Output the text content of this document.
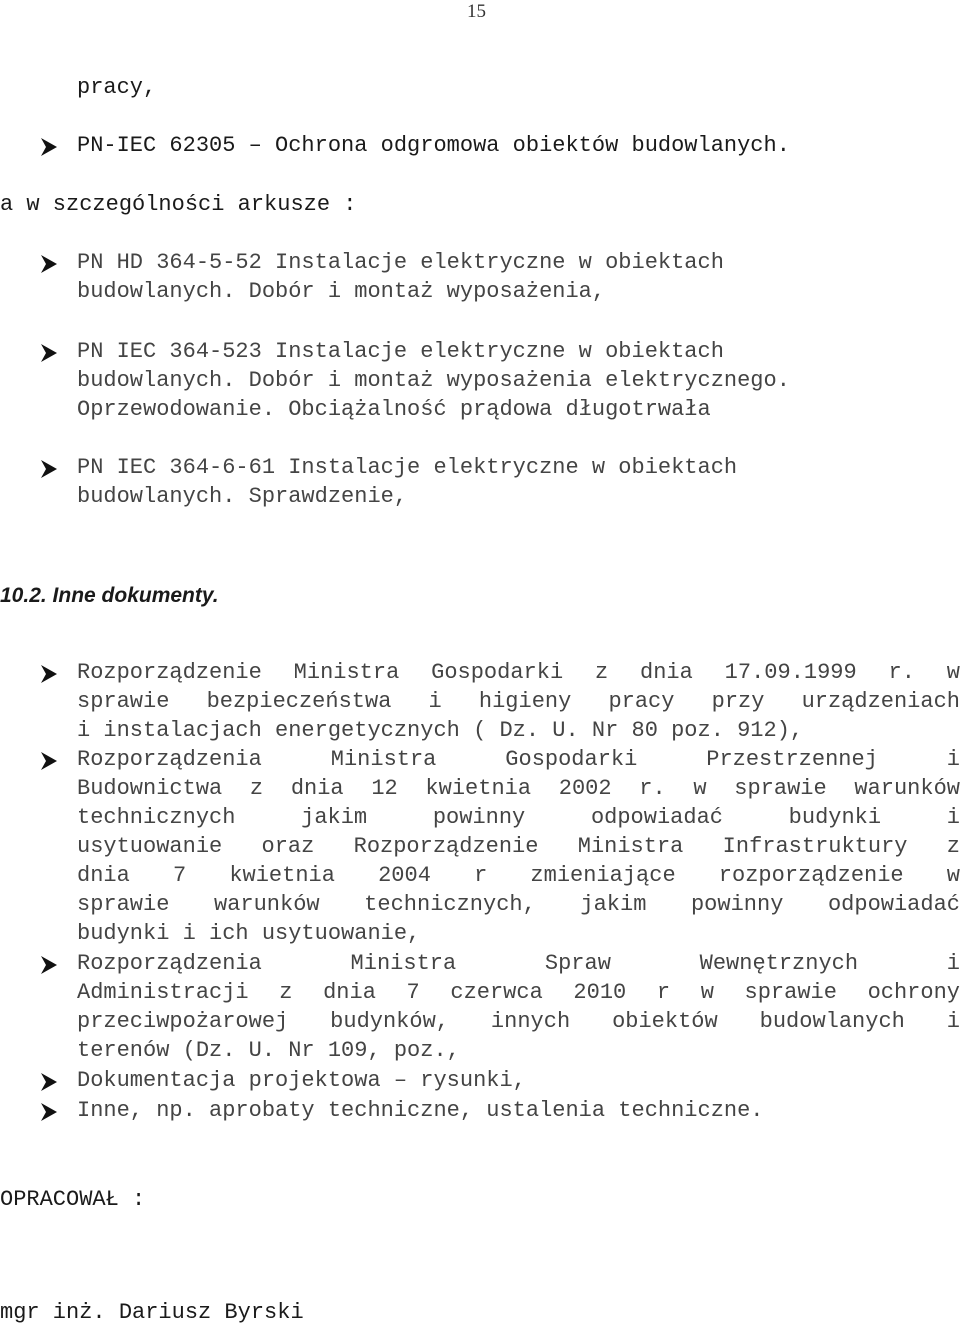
15
pracy,
PN-IEC 62305 – Ochrona odgromowa obiektów budowlanych.
a w szczególności arkusze :
PN HD 364-5-52 Instalacje elektryczne w obiektach
budowlanych. Dobór i montaż wyposażenia,
PN IEC 364-523 Instalacje elektryczne w obiektach
budowlanych. Dobór i montaż wyposażenia elektrycznego.
Oprzewodowanie. Obciążalność prądowa długotrwała
PN IEC 364-6-61 Instalacje elektryczne w obiektach
budowlanych. Sprawdzenie,
10.2. Inne dokumenty.
Rozporządzenie Ministra Gospodarki z dnia 17.09.1999 r. w
sprawie bezpieczeństwa i higieny pracy przy urządzeniach
i instalacjach energetycznych ( Dz. U. Nr 80 poz. 912),
Rozporządzenia Ministra Gospodarki Przestrzennej i
Budownictwa z dnia 12 kwietnia 2002 r. w sprawie warunków
technicznych jakim powinny odpowiadać budynki i
usytuowanie oraz Rozporządzenie Ministra Infrastruktury z
dnia 7 kwietnia 2004 r zmieniające rozporządzenie w
sprawie warunków technicznych, jakim powinny odpowiadać
budynki i ich usytuowanie,
Rozporządzenia Ministra Spraw Wewnętrznych i
Administracji z dnia 7 czerwca 2010 r w sprawie ochrony
przeciwpożarowej budynków, innych obiektów budowlanych i
terenów (Dz. U. Nr 109, poz.,
Dokumentacja projektowa – rysunki,
Inne, np. aprobaty techniczne, ustalenia techniczne.
OPRACOWAŁ :
mgr inż. Dariusz Byrski
